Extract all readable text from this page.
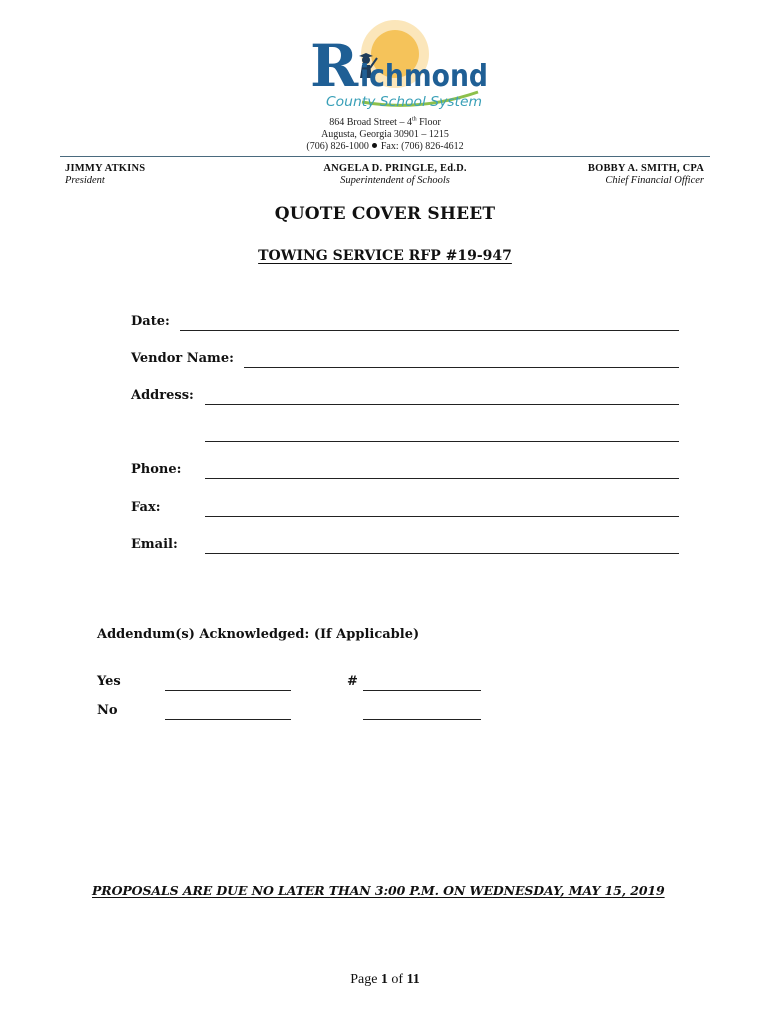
R ichmond
County School System
864 Broad Street – 4th Floor
Augusta, Georgia 30901 – 1215
(706) 826-1000 Fax: (706) 826-4612
JIMMY ATKINS
President
ANGELA D. PRINGLE, Ed.D.
Superintendent of Schools
BOBBY A. SMITH, CPA
Chief Financial Officer
QUOTE COVER SHEET
TOWING SERVICE RFP #19-947
Date:
Vendor Name:
Address:
Phone:
Fax:
Email:
Addendum(s) Acknowledged: (If Applicable)
Yes	#
No
PROPOSALS ARE DUE NO LATER THAN 3:00 P.M. ON WEDNESDAY, MAY 15, 2019
Page 1 of 11
